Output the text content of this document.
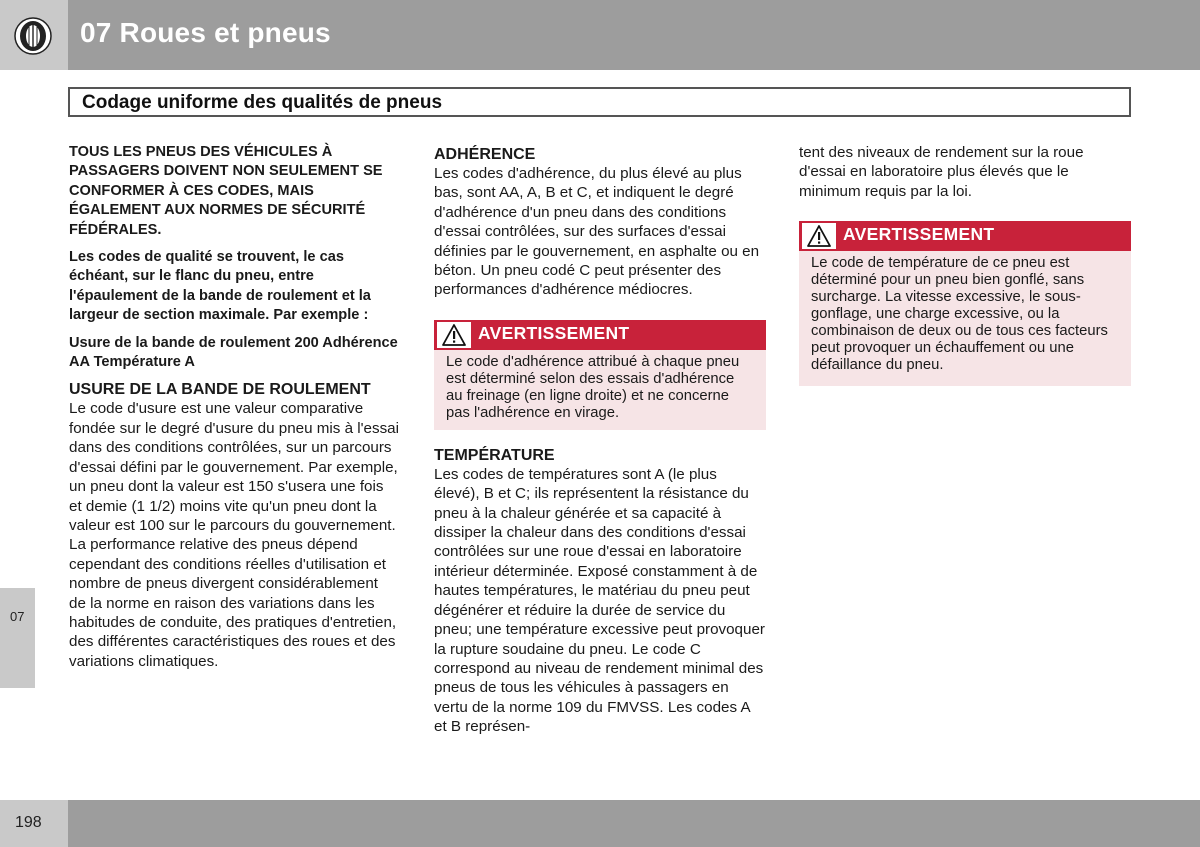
07 Roues et pneus
Codage uniforme des qualités de pneus

TOUS LES PNEUS DES VÉHICULES À PASSAGERS DOIVENT NON SEULEMENT SE CONFORMER À CES CODES, MAIS ÉGALEMENT AUX NORMES DE SÉCURITÉ FÉDÉRALES.

Les codes de qualité se trouvent, le cas échéant, sur le flanc du pneu, entre l'épaulement de la bande de roulement et la largeur de section maximale. Par exemple :

Usure de la bande de roulement 200 Adhérence AA Température A

USURE DE LA BANDE DE ROULEMENT

Le code d'usure est une valeur comparative fondée sur le degré d'usure du pneu mis à l'essai dans des conditions contrôlées, sur un parcours d'essai défini par le gouvernement. Par exemple, un pneu dont la valeur est 150 s'usera une fois et demie (1 1/2) moins vite qu'un pneu dont la valeur est 100 sur le parcours du gouvernement. La performance relative des pneus dépend cependant des conditions réelles d'utilisation et nombre de pneus divergent considérablement de la norme en raison des variations dans les habitudes de conduite, des pratiques d'entretien, des différentes caractéristiques des roues et des variations climatiques.

ADHÉRENCE

Les codes d'adhérence, du plus élevé au plus bas, sont AA, A, B et C, et indiquent le degré d'adhérence d'un pneu dans des conditions d'essai contrôlées, sur des surfaces d'essai définies par le gouvernement, en asphalte ou en béton. Un pneu codé C peut présenter des performances d'adhérence médiocres.

AVERTISSEMENT
Le code d'adhérence attribué à chaque pneu est déterminé selon des essais d'adhérence au freinage (en ligne droite) et ne concerne pas l'adhérence en virage.
TEMPÉRATURE

Les codes de températures sont A (le plus élevé), B et C; ils représentent la résistance du pneu à la chaleur générée et sa capacité à dissiper la chaleur dans des conditions d'essai contrôlées sur une roue d'essai en laboratoire intérieur déterminée. Exposé constamment à de hautes températures, le matériau du pneu peut dégénérer et réduire la durée de service du pneu; une température excessive peut provoquer la rupture soudaine du pneu. Le code C correspond au niveau de rendement minimal des pneus de tous les véhicules à passagers en vertu de la norme 109 du FMVSS. Les codes A et B représen-

tent des niveaux de rendement sur la roue d'essai en laboratoire plus élevés que le minimum requis par la loi.

AVERTISSEMENT
Le code de température de ce pneu est déterminé pour un pneu bien gonflé, sans surcharge. La vitesse excessive, le sous-gonflage, une charge excessive, ou la combinaison de deux ou de tous ces facteurs peut provoquer un échauffement ou une défaillance du pneu.
07
198
